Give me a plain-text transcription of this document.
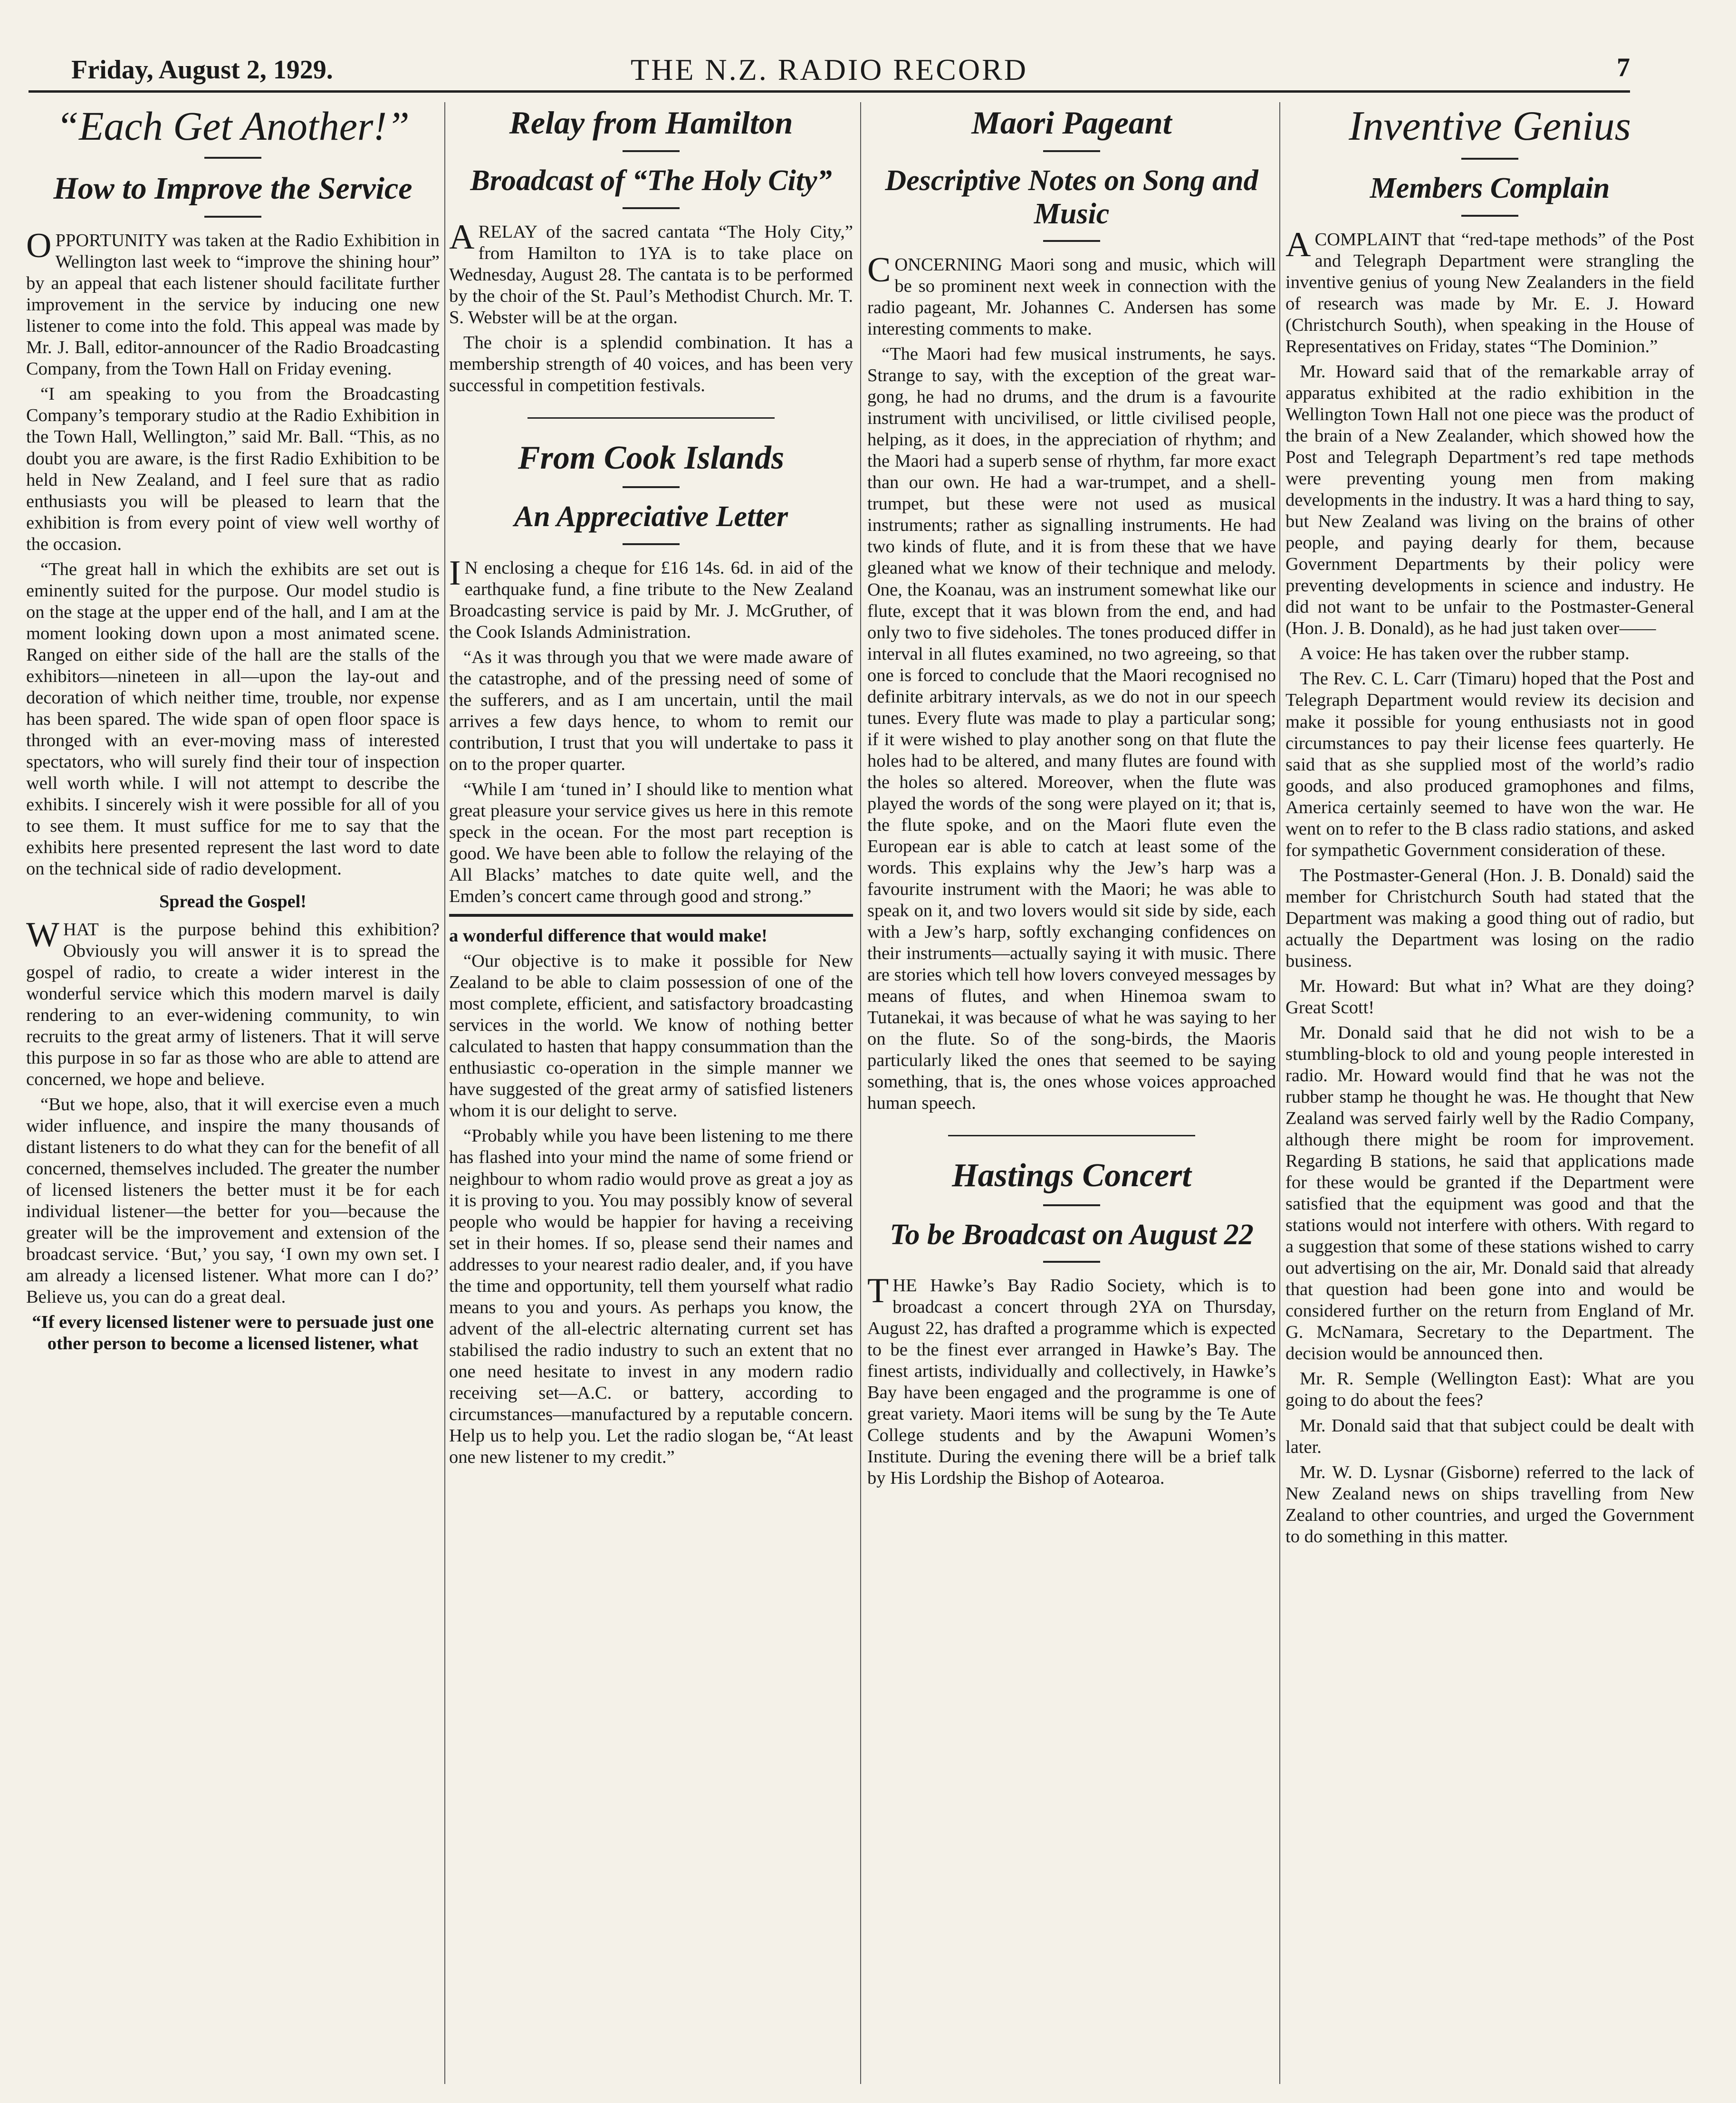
Friday, August 2, 1929.	THE N.Z. RADIO RECORD	7
“Each Get Another!”
How to Improve the Service

OPPORTUNITY was taken at the Radio Exhibition in Wellington last week to “improve the shining hour” by an appeal that each listener should facilitate further improvement in the service by inducing one new listener to come into the fold. This appeal was made by Mr. J. Ball, editor-announcer of the Radio Broadcasting Company, from the Town Hall on Friday evening.

“I am speaking to you from the Broadcasting Company’s temporary studio at the Radio Exhibition in the Town Hall, Wellington,” said Mr. Ball. “This, as no doubt you are aware, is the first Radio Exhibition to be held in New Zealand, and I feel sure that as radio enthusiasts you will be pleased to learn that the exhibition is from every point of view well worthy of the occasion.

“The great hall in which the exhibits are set out is eminently suited for the purpose. Our model studio is on the stage at the upper end of the hall, and I am at the moment looking down upon a most animated scene. Ranged on either side of the hall are the stalls of the exhibitors—nineteen in all—upon the lay-out and decoration of which neither time, trouble, nor expense has been spared. The wide span of open floor space is thronged with an ever-moving mass of interested spectators, who will surely find their tour of inspection well worth while. I will not attempt to describe the exhibits. I sincerely wish it were possible for all of you to see them. It must suffice for me to say that the exhibits here presented represent the last word to date on the technical side of radio development.

Spread the Gospel!

WHAT is the purpose behind this exhibition? Obviously you will answer it is to spread the gospel of radio, to create a wider interest in the wonderful service which this modern marvel is daily rendering to an ever-widening community, to win recruits to the great army of listeners. That it will serve this purpose in so far as those who are able to attend are concerned, we hope and believe.

“But we hope, also, that it will exercise even a much wider influence, and inspire the many thousands of distant listeners to do what they can for the benefit of all concerned, themselves included. The greater the number of licensed listeners the better must it be for each individual listener—the better for you—because the greater will be the improvement and extension of the broadcast service. ‘But,’ you say, ‘I own my own set. I am already a licensed listener. What more can I do?’ Believe us, you can do a great deal.

“If every licensed listener were to persuade just one other person to become a licensed listener, what

Relay from Hamilton
Broadcast of “The Holy City”

A RELAY of the sacred cantata “The Holy City,” from Hamilton to 1YA is to take place on Wednesday, August 28. The cantata is to be performed by the choir of the St. Paul’s Methodist Church. Mr. T. S. Webster will be at the organ.

The choir is a splendid combination. It has a membership strength of 40 voices, and has been very successful in competition festivals.

From Cook Islands
An Appreciative Letter

I N enclosing a cheque for £16 14s. 6d. in aid of the earthquake fund, a fine tribute to the New Zealand Broadcasting service is paid by Mr. J. McGruther, of the Cook Islands Administration.

“As it was through you that we were made aware of the catastrophe, and of the pressing need of some of the sufferers, and as I am uncertain, until the mail arrives a few days hence, to whom to remit our contribution, I trust that you will undertake to pass it on to the proper quarter.

“While I am ‘tuned in’ I should like to mention what great pleasure your service gives us here in this remote speck in the ocean. For the most part reception is good. We have been able to follow the relaying of the All Blacks’ matches to date quite well, and the Emden’s concert came through good and strong.”

a wonderful difference that would make!

“Our objective is to make it possible for New Zealand to be able to claim possession of one of the most complete, efficient, and satisfactory broadcasting services in the world. We know of nothing better calculated to hasten that happy consummation than the enthusiastic co-operation in the simple manner we have suggested of the great army of satisfied listeners whom it is our delight to serve.

“Probably while you have been listening to me there has flashed into your mind the name of some friend or neighbour to whom radio would prove as great a joy as it is proving to you. You may possibly know of several people who would be happier for having a receiving set in their homes. If so, please send their names and addresses to your nearest radio dealer, and, if you have the time and opportunity, tell them yourself what radio means to you and yours. As perhaps you know, the advent of the all-electric alternating current set has stabilised the radio industry to such an extent that no one need hesitate to invest in any modern radio receiving set—A.C. or battery, according to circumstances—manufactured by a reputable concern. Help us to help you. Let the radio slogan be, “At least one new listener to my credit.”

Maori Pageant
Descriptive Notes on Song and Music

CONCERNING Maori song and music, which will be so prominent next week in connection with the radio pageant, Mr. Johannes C. Andersen has some interesting comments to make.

“The Maori had few musical instruments, he says. Strange to say, with the exception of the great war-gong, he had no drums, and the drum is a favourite instrument with uncivilised, or little civilised people, helping, as it does, in the appreciation of rhythm; and the Maori had a superb sense of rhythm, far more exact than our own. He had a war-trumpet, and a shell-trumpet, but these were not used as musical instruments; rather as signalling instruments. He had two kinds of flute, and it is from these that we have gleaned what we know of their technique and melody. One, the Koanau, was an instrument somewhat like our flute, except that it was blown from the end, and had only two to five sideholes. The tones produced differ in interval in all flutes examined, no two agreeing, so that one is forced to conclude that the Maori recognised no definite arbitrary intervals, as we do not in our speech tunes. Every flute was made to play a particular song; if it were wished to play another song on that flute the holes had to be altered, and many flutes are found with the holes so altered. Moreover, when the flute was played the words of the song were played on it; that is, the flute spoke, and on the Maori flute even the European ear is able to catch at least some of the words. This explains why the Jew’s harp was a favourite instrument with the Maori; he was able to speak on it, and two lovers would sit side by side, each with a Jew’s harp, softly exchanging confidences on their instruments—actually saying it with music. There are stories which tell how lovers conveyed messages by means of flutes, and when Hinemoa swam to Tutanekai, it was because of what he was saying to her on the flute. So of the song-birds, the Maoris particularly liked the ones that seemed to be saying something, that is, the ones whose voices approached human speech.

Hastings Concert
To be Broadcast on August 22

THE Hawke’s Bay Radio Society, which is to broadcast a concert through 2YA on Thursday, August 22, has drafted a programme which is expected to be the finest ever arranged in Hawke’s Bay. The finest artists, individually and collectively, in Hawke’s Bay have been engaged and the programme is one of great variety. Maori items will be sung by the Te Aute College students and by the Awapuni Women’s Institute. During the evening there will be a brief talk by His Lordship the Bishop of Aotearoa.

Inventive Genius
Members Complain

A COMPLAINT that “red-tape methods” of the Post and Telegraph Department were strangling the inventive genius of young New Zealanders in the field of research was made by Mr. E. J. Howard (Christchurch South), when speaking in the House of Representatives on Friday, states “The Dominion.”

Mr. Howard said that of the remarkable array of apparatus exhibited at the radio exhibition in the Wellington Town Hall not one piece was the product of the brain of a New Zealander, which showed how the Post and Telegraph Department’s red tape methods were preventing young men from making developments in the industry. It was a hard thing to say, but New Zealand was living on the brains of other people, and paying dearly for them, because Government Departments by their policy were preventing developments in science and industry. He did not want to be unfair to the Postmaster-General (Hon. J. B. Donald), as he had just taken over——

A voice: He has taken over the rubber stamp.

The Rev. C. L. Carr (Timaru) hoped that the Post and Telegraph Department would review its decision and make it possible for young enthusiasts not in good circumstances to pay their license fees quarterly. He said that as she supplied most of the world’s radio goods, and also produced gramophones and films, America certainly seemed to have won the war. He went on to refer to the B class radio stations, and asked for sympathetic Government consideration of these.

The Postmaster-General (Hon. J. B. Donald) said the member for Christchurch South had stated that the Department was making a good thing out of radio, but actually the Department was losing on the radio business.

Mr. Howard: But what in? What are they doing? Great Scott!

Mr. Donald said that he did not wish to be a stumbling-block to old and young people interested in radio. Mr. Howard would find that he was not the rubber stamp he thought he was. He thought that New Zealand was served fairly well by the Radio Company, although there might be room for improvement. Regarding B stations, he said that applications made for these would be granted if the Department were satisfied that the equipment was good and that the stations would not interfere with others. With regard to a suggestion that some of these stations wished to carry out advertising on the air, Mr. Donald said that already that question had been gone into and would be considered further on the return from England of Mr. G. McNamara, Secretary to the Department. The decision would be announced then.

Mr. R. Semple (Wellington East): What are you going to do about the fees?

Mr. Donald said that that subject could be dealt with later.

Mr. W. D. Lysnar (Gisborne) referred to the lack of New Zealand news on ships travelling from New Zealand to other countries, and urged the Government to do something in this matter.
